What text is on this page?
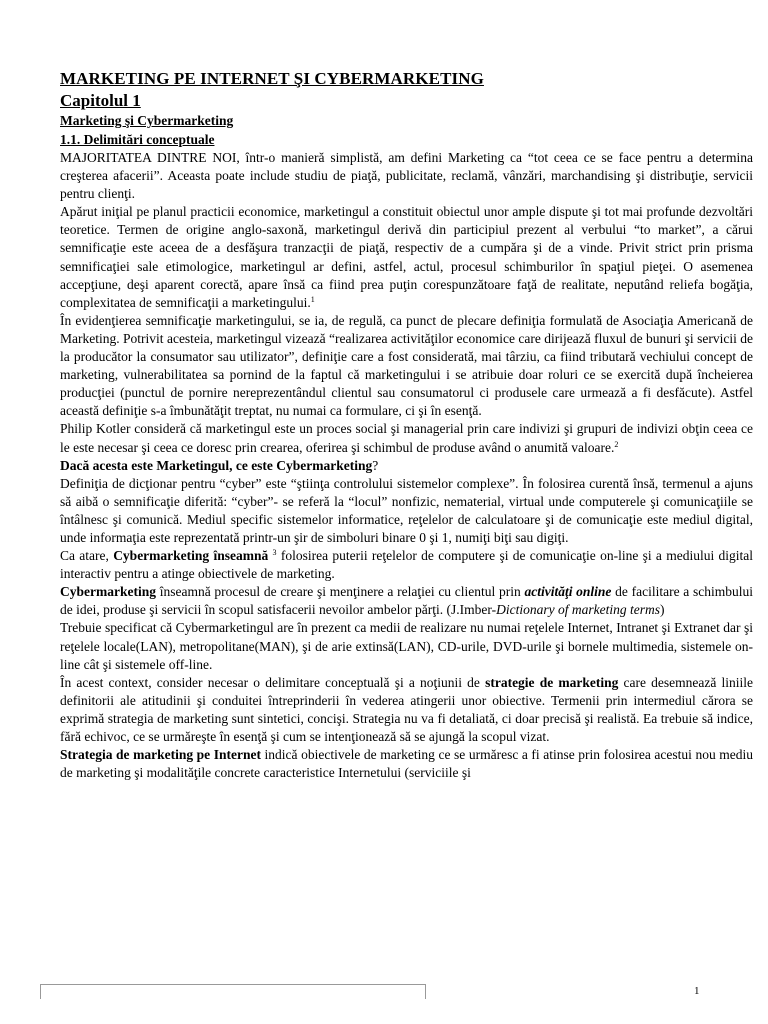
MARKETING PE INTERNET ŞI CYBERMARKETING
Capitolul 1
Marketing şi Cybermarketing
1.1. Delimitări conceptuale

MAJORITATEA DINTRE NOI, într-o manieră simplistă, am defini Marketing ca “tot ceea ce se face pentru a determina creşterea afacerii”. Aceasta poate include studiu de piaţă, publicitate, reclamă, vânzări, marchandising şi distribuţie, servicii pentru clienţi.

Apărut iniţial pe planul practicii economice, marketingul a constituit obiectul unor ample dispute şi tot mai profunde dezvoltări teoretice. Termen de origine anglo-saxonă, marketingul derivă din participiul prezent al verbului “to market”, a cărui semnificaţie este aceea de a desfăşura tranzacţii de piaţă, respectiv de a cumpăra şi de a vinde. Privit strict prin prisma semnificaţiei sale etimologice, marketingul ar defini, astfel, actul, procesul schimburilor în spaţiul pieţei. O asemenea accepţiune, deşi aparent corectă, apare însă ca fiind prea puţin corespunzătoare faţă de realitate, neputând reliefa bogăţia, complexitatea de semnificaţii a marketingului.$^1$

În evidenţierea semnificaţie marketingului, se ia, de regulă, ca punct de plecare definiţia formulată de Asociaţia Americană de Marketing. Potrivit acesteia, marketingul vizează “realizarea activităţilor economice care dirijează fluxul de bunuri şi servicii de la producător la consumator sau utilizator”, definiţie care a fost considerată, mai târziu, ca fiind tributară vechiului concept de marketing, vulnerabilitatea sa pornind de la faptul că marketingului i se atribuie doar roluri ce se exercită după încheierea producţiei (punctul de pornire nereprezentândul clientul sau consumatorul ci produsele care urmează a fi desfăcute). Astfel această definiţie s-a îmbunătăţit treptat, nu numai ca formulare, ci şi în esenţă.

Philip Kotler consideră că marketingul este un proces social şi managerial prin care indivizi şi grupuri de indivizi obţin ceea ce le este necesar şi ceea ce doresc prin crearea, oferirea şi schimbul de produse având o anumită valoare.$^2$

Dacă acesta este Marketingul, ce este Cybermarketing?

Definiţia de dicţionar pentru “cyber” este “ştiinţa controlului sistemelor complexe”. În folosirea curentă însă, termenul a ajuns să aibă o semnificaţie diferită: “cyber”- se referă la “locul” nonfizic, nematerial, virtual unde computerele şi comunicaţiile se întâlnesc şi comunică. Mediul specific sistemelor informatice, reţelelor de calculatoare şi de comunicaţie este mediul digital, unde informaţia este reprezentată printr-un şir de simboluri binare 0 şi 1, numiţi biţi sau digiţi.

Ca atare, Cybermarketing înseamnă $^3$ folosirea puterii reţelelor de computere şi de comunicaţie on-line şi a mediului digital interactiv pentru a atinge obiectivele de marketing.

Cybermarketing înseamnă procesul de creare şi menţinere a relaţiei cu clientul prin activităţi online de facilitare a schimbului de idei, produse şi servicii în scopul satisfacerii nevoilor ambelor părţi. (J.Imber-Dictionary of marketing terms)

Trebuie specificat că Cybermarketingul are în prezent ca medii de realizare nu numai reţelele Internet, Intranet şi Extranet dar şi reţelele locale(LAN), metropolitane(MAN), şi de arie extinsă(LAN), CD-urile, DVD-urile şi bornele multimedia, sistemele on-line cât şi sistemele off-line.

În acest context, consider necesar o delimitare conceptuală şi a noţiunii de strategie de marketing care desemnează liniile definitorii ale atitudinii şi conduitei întreprinderii în vederea atingerii unor obiective. Termenii prin intermediul cărora se exprimă strategia de marketing sunt sintetici, concişi. Strategia nu va fi detaliată, ci doar precisă şi realistă. Ea trebuie să indice, fără echivoc, ce se urmăreşte în esenţă şi cum se intenţionează să se ajungă la scopul vizat.

Strategia de marketing pe Internet indică obiectivele de marketing ce se urmăresc a fi atinse prin folosirea acestui nou mediu de marketing şi modalităţile concrete caracteristice Internetului (serviciile şi

1
